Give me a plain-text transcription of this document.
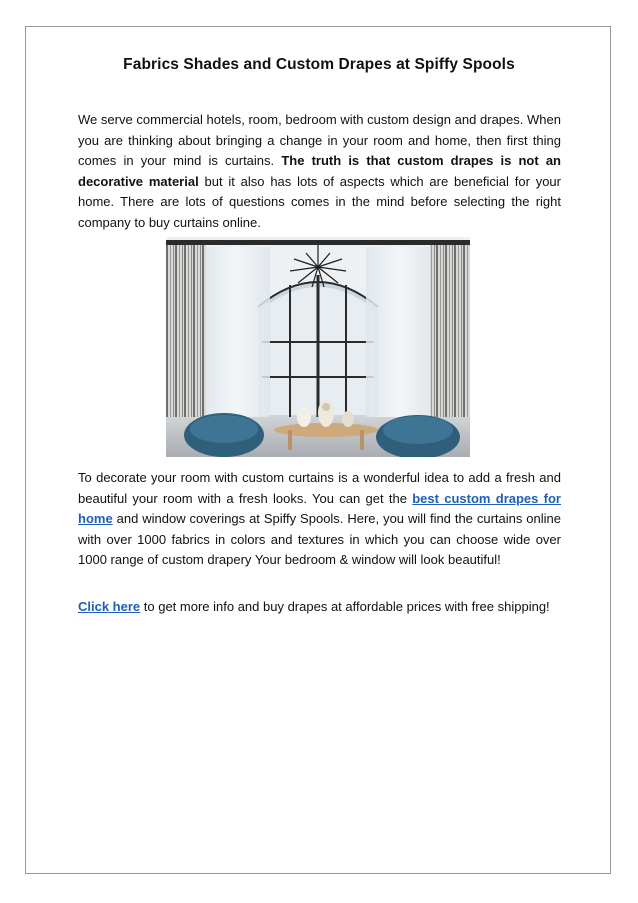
Fabrics Shades and Custom Drapes at Spiffy Spools
We serve commercial hotels, room, bedroom with custom design and drapes. When you are thinking about bringing a change in your room and home, then first thing comes in your mind is curtains. The truth is that custom drapes is not an decorative material but it also has lots of aspects which are beneficial for your home. There are lots of questions comes in the mind before selecting the right company to buy curtains online.
To decorate your room with custom curtains is a wonderful idea to add a fresh and beautiful your room with a fresh looks. You can get the best custom drapes for home and window coverings at Spiffy Spools. Here, you will find the curtains online with over 1000 fabrics in colors and textures in which you can choose wide over 1000 range of custom drapery Your bedroom & window will look beautiful!
Click here to get more info and buy drapes at affordable prices with free shipping!
